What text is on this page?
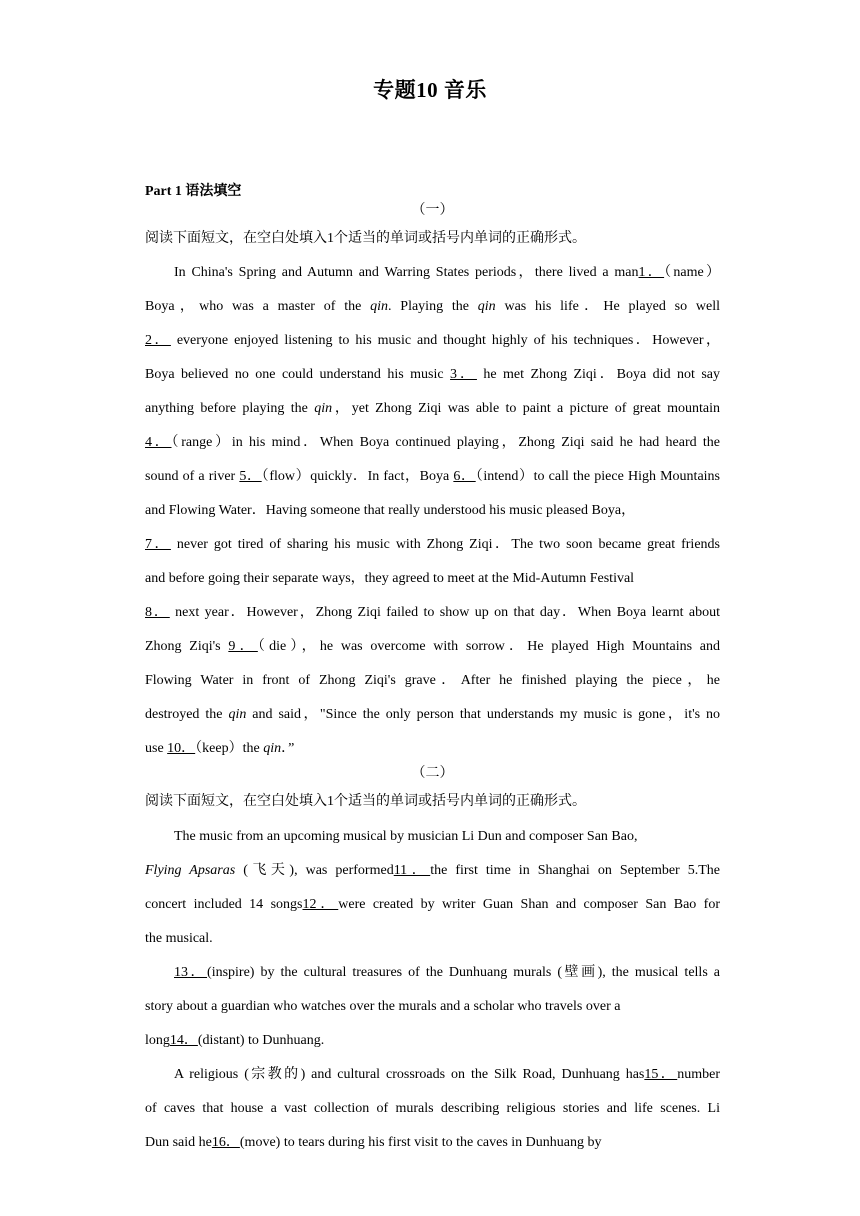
专题10 音乐
Part 1 语法填空
（一）
阅读下面短文，在空白处填入1个适当的单词或括号内单词的正确形式。
In China's Spring and Autumn and Warring States periods，there lived a man1．（name）
Boya，who was a master of the qin. Playing the qin was his life．He played so well
2． everyone enjoyed listening to his music and thought highly of his techniques．However，
Boya believed no one could understand his music 3． he met Zhong Ziqi．Boya did not say
anything before playing the qin，yet Zhong Ziqi was able to paint a picture of great mountain
4．（range）in his mind．When Boya continued playing，Zhong Ziqi said he had heard the
sound of a river 5．（flow）quickly．In fact，Boya 6．（intend）to call the piece High Mountains
and Flowing Water．Having someone that really understood his music pleased Boya，
7． never got tired of sharing his music with Zhong Ziqi．The two soon became great friends
and before going their separate ways，they agreed to meet at the Mid-Autumn Festival
8． next year．However，Zhong Ziqi failed to show up on that day．When Boya learnt about
Zhong Ziqi's 9．（die），he was overcome with sorrow．He played High Mountains and
Flowing Water in front of Zhong Ziqi's grave．After he finished playing the piece，he
destroyed the qin and said，"Since the only person that understands my music is gone，it's no
use 10．（keep）the qin．”
（二）
阅读下面短文，在空白处填入1个适当的单词或括号内单词的正确形式。
The music from an upcoming musical by musician Li Dun and composer San Bao,
Flying Apsaras (飞天), was performed11．the first time in Shanghai on September 5.The
concert included 14 songs12．were created by writer Guan Shan and composer San Bao for
the musical.
13．(inspire) by the cultural treasures of the Dunhuang murals (壁画), the musical tells a
story about a guardian who watches over the murals and a scholar who travels over a
long14．(distant) to Dunhuang.
A religious (宗教的) and cultural crossroads on the Silk Road, Dunhuang has15．number
of caves that house a vast collection of murals describing religious stories and life scenes. Li
Dun said he16．(move) to tears during his first visit to the caves in Dunhuang by
